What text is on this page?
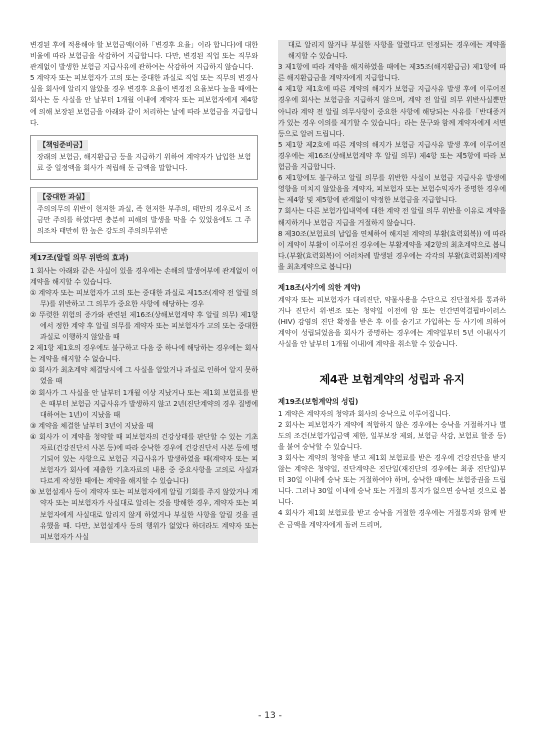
변경된 후에 적용해야 할 보험금액(이하「변경후 요율」이라 합니다)에 대한 비율에 따라 보험금을 삭감하여 지급합니다. 다만, 변경된 직업 또는 직무와 관계없이 발생한 보험금 지급사유에 관하여는 삭감하여 지급하지 않습니다.

5 계약자 또는 피보험자가 고의 또는 중대한 과실로 직업 또는 직무의 변경사실을 회사에 알리지 않았을 경우 변경후 요율이 변경전 요율보다 높을 때에는 회사는 동 사실을 안 날부터 1개월 이내에 계약자 또는 피보험자에게 제4항에 의해 보장된 보험금을 아래와 같이 처리하는 날에 따라 보험금을 지급합니다.

【책임준비금】

장래의 보험금, 해지환급금 등을 지급하기 위하여 계약자가 납입한 보험료 중 일정액을 회사가 적립해 둔 금액을 말합니다.

【중대한 과실】

주의의무의 위반이 현저한 과실, 즉 현저한 부주의, 태만의 경우로서 조금만 주의를 하였다면 충분히 피해의 발생을 막을 수 있었음에도 그 주의조차 태만히 한 높은 강도의 주의의무위반

제17조(알릴 의무 위반의 효과)

1 회사는 아래와 같은 사실이 있을 경우에는 손해의 발생여부에 관계없이 이 계약을 해지할 수 있습니다.

① 계약자 또는 피보험자가 고의 또는 중대한 과실로 제15조(계약 전 알릴 의무)를 위반하고 그 의무가 중요한 사항에 해당하는 경우

② 뚜렷한 위험의 증가와 관련된 제16조(상해보험계약 후 알릴 의무) 제1항에서 정한 계약 후 알릴 의무를 계약자 또는 피보험자가 고의 또는 중대한 과실로 이행하지 않았을 때

2 제1항 제1호의 경우에도 불구하고 다음 중 하나에 해당하는 경우에는 회사는 계약을 해지할 수 없습니다.

① 회사가 최초계약 체결당시에 그 사실을 알았거나 과실로 인하여 알지 못하였을 때

② 회사가 그 사실을 안 날부터 1개월 이상 지났거나 또는 제1회 보험료를 받은 때부터 보험금 지급사유가 발생하지 않고 2년(진단계약의 경우 질병에 대하여는 1년)이 지났을 때

③ 계약을 체결한 날부터 3년이 지났을 때

④ 회사가 이 계약을 청약할 때 피보험자의 건강상태를 판단할 수 있는 기초자료(건강진단서 사본 등)에 따라 승낙한 경우에 건강진단서 사본 등에 명기되어 있는 사항으로 보험금 지급사유가 발생하였을 때(계약자 또는 피보험자가 회사에 제출한 기초자료의 내용 중 중요사항을 고의로 사실과 다르게 작성한 때에는 계약을 해지할 수 있습니다)

⑤ 보험설계사 등이 계약자 또는 피보험자에게 알릴 기회를 주지 않았거나 계약자 또는 피보험자가 사실대로 알리는 것을 방해한 경우, 계약자 또는 피보험자에게 사실대로 알리지 않게 하였거나 부실한 사항을 알릴 것을 권유했을 때. 다만, 보험설계사 등의 행위가 없었다 하더라도 계약자 또는 피보험자가 사실

대로 알리지 않거나 부실한 사항을 알렸다고 인정되는 경우에는 계약을 해지할 수 있습니다.

3 제1항에 따라 계약을 해지하였을 때에는 제35조(해지환급금) 제1항에 따른 해지환급금을 계약자에게 지급합니다.

4 제1항 제1호에 따른 계약의 해지가 보험금 지급사유 발생 후에 이루어진 경우에 회사는 보험금을 지급하지 않으며, 계약 전 알릴 의무 위반사실뿐만 아니라 계약 전 알릴 의무사항이 중요한 사항에 해당되는 사유를「반대증거가 있는 경우 이의를 제기할 수 있습니다」라는 문구와 함께 계약자에게 서면 등으로 알려 드립니다.

5 제1항 제2호에 따른 계약의 해지가 보험금 지급사유 발생 후에 이루어진 경우에는 제16조(상해보험계약 후 알릴 의무) 제4항 또는 제5항에 따라 보험금을 지급합니다.

6 제1항에도 불구하고 알릴 의무를 위반한 사실이 보험금 지급사유 발생에 영향을 미치지 않았음을 계약자, 피보험자 또는 보험수익자가 증명한 경우에는 제4항 및 제5항에 관계없이 약정한 보험금을 지급합니다.

7 회사는 다른 보험가입내역에 대한 계약 전 알릴 의무 위반을 이유로 계약을 해지하거나 보험금 지급을 거절하지 않습니다.

8 제30조(보험료의 납입을 연체하여 해지된 계약의 부활(효력회복)) 에 따라 이 계약이 부활이 이루어진 경우에는 부활계약을 제2항의 최초계약으로 봅니다.(부활(효력회복)이 여러차례 발생된 경우에는 각각의 부활(효력회복)계약을 최초계약으로 봅니다)

제18조(사기에 의한 계약)

계약자 또는 피보험자가 대리진단, 약물사용을 수단으로 진단절차를 통과하거나 진단서 위·변조 또는 청약일 이전에 암 또는 인간면역결핍바이러스(HIV) 감염의 진단 확정을 받은 후 이를 숨기고 가입하는 등 사기에 의하여 계약이 성립되었음을 회사가 증명하는 경우에는 계약일부터 5년 이내(사기사실을 안 날부터 1개월 이내)에 계약을 취소할 수 있습니다.

제4관 보험계약의 성립과 유지
제19조(보험계약의 성립)

1 계약은 계약자의 청약과 회사의 승낙으로 이루어집니다.

2 회사는 피보험자가 계약에 적합하지 않은 경우에는 승낙을 거절하거나 별도의 조건(보험가입금액 제한, 일부보장 제외, 보험금 삭감, 보험료 할증 등)을 붙여 승낙할 수 있습니다.

3 회사는 계약의 청약을 받고 제1회 보험료를 받은 경우에 건강진단을 받지 않는 계약은 청약일, 진단계약은 진단일(재진단의 경우에는 최종 진단일)부터 30일 이내에 승낙 또는 거절하여야 하며, 승낙한 때에는 보험증권을 드립니다. 그러나 30일 이내에 승낙 또는 거절의 통지가 없으면 승낙된 것으로 봅니다.

4 회사가 제1회 보험료를 받고 승낙을 거절한 경우에는 거절통지와 함께 받은 금액을 계약자에게 돌려 드리며,

- 13 -
